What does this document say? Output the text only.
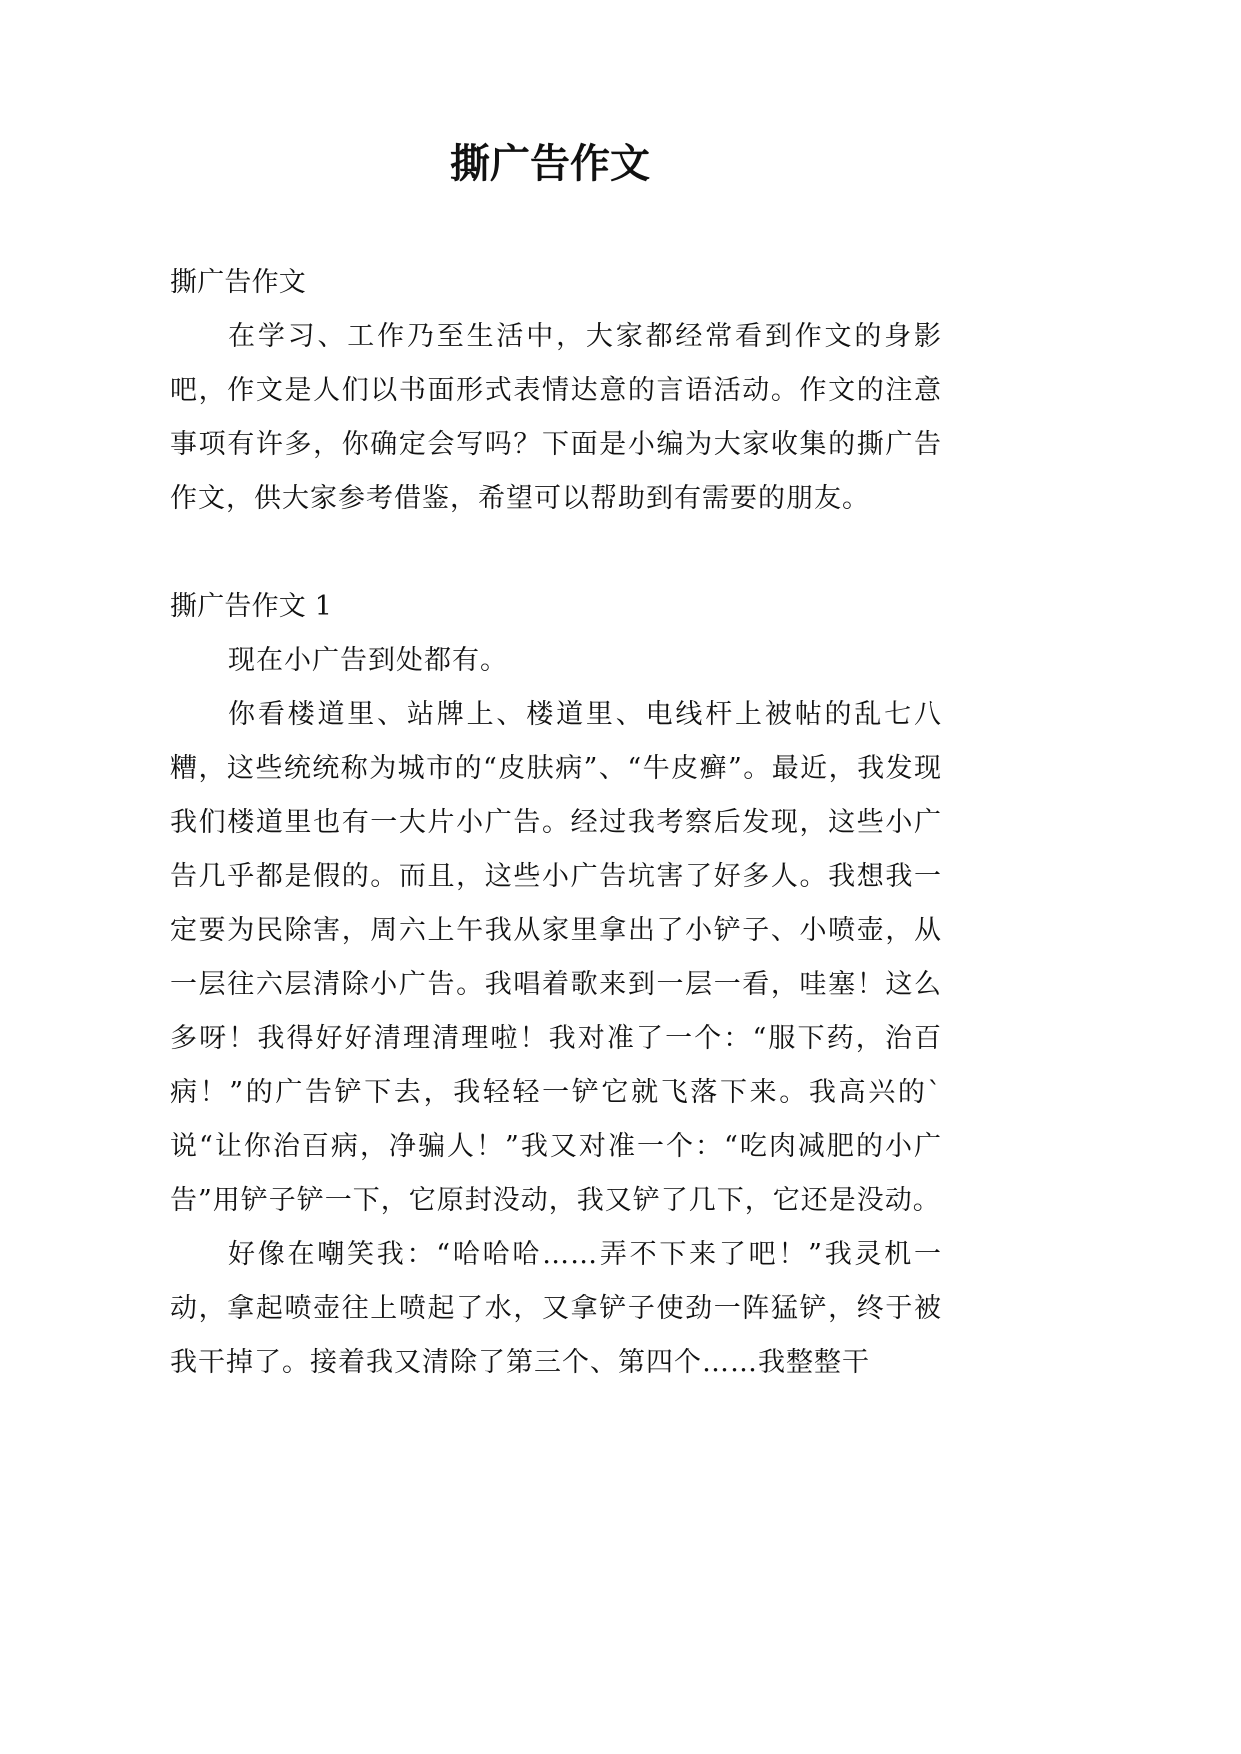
撕广告作文

撕广告作文

在学习、工作乃至生活中，大家都经常看到作文的身影吧，作文是人们以书面形式表情达意的言语活动。作文的注意事项有许多，你确定会写吗？下面是小编为大家收集的撕广告作文，供大家参考借鉴，希望可以帮助到有需要的朋友。

撕广告作文 1

现在小广告到处都有。

你看楼道里、站牌上、楼道里、电线杆上被帖的乱七八糟，这些统统称为城市的“皮肤病”、“牛皮癣”。最近，我发现我们楼道里也有一大片小广告。经过我考察后发现，这些小广告几乎都是假的。而且，这些小广告坑害了好多人。我想我一定要为民除害，周六上午我从家里拿出了小铲子、小喷壶，从一层往六层清除小广告。我唱着歌来到一层一看，哇塞！这么多呀！我得好好清理清理啦！我对准了一个：“服下药，治百病！”的广告铲下去，我轻轻一铲它就飞落下来。我高兴的`说“让你治百病，净骗人！”我又对准一个：“吃肉减肥的小广告”用铲子铲一下，它原封没动，我又铲了几下，它还是没动。

好像在嘲笑我：“哈哈哈……弄不下来了吧！”我灵机一动，拿起喷壶往上喷起了水，又拿铲子使劲一阵猛铲，终于被我干掉了。接着我又清除了第三个、第四个……我整整干
